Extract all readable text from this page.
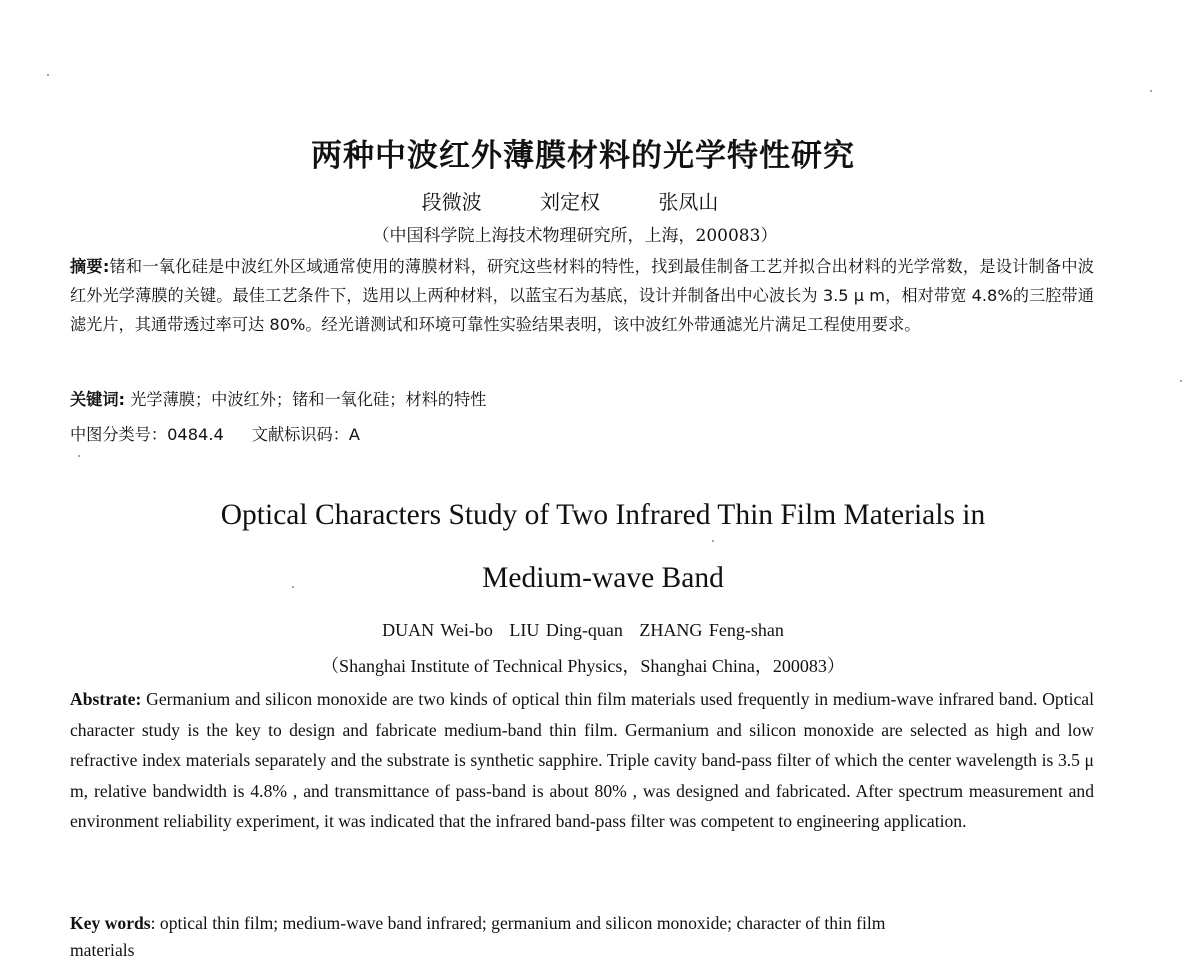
两种中波红外薄膜材料的光学特性研究
段微波	刘定权	张凤山
（中国科学院上海技术物理研究所，上海，200083）
摘要:锗和一氧化硅是中波红外区域通常使用的薄膜材料，研究这些材料的特性，找到最佳制备工艺并拟合出材料的光学常数，是设计制备中波红外光学薄膜的关键。最佳工艺条件下，选用以上两种材料，以蓝宝石为基底，设计并制备出中心波长为 3.5 μ m，相对带宽 4.8%的三腔带通滤光片，其通带透过率可达 80%。经光谱测试和环境可靠性实验结果表明，该中波红外带通滤光片满足工程使用要求。
关键词: 光学薄膜；中波红外；锗和一氧化硅；材料的特性
中图分类号：0484.4 文献标识码：A
Optical Characters Study of Two Infrared Thin Film Materials in
Medium-wave Band
DUAN Wei-bo LIU Ding-quan ZHANG Feng-shan
（Shanghai Institute of Technical Physics，Shanghai China，200083）
Abstrate: Germanium and silicon monoxide are two kinds of optical thin film materials used frequently in medium-wave infrared band. Optical character study is the key to design and fabricate medium-band thin film. Germanium and silicon monoxide are selected as high and low refractive index materials separately and the substrate is synthetic sapphire. Triple cavity band-pass filter of which the center wavelength is 3.5 μ m, relative bandwidth is 4.8% , and transmittance of pass-band is about 80% , was designed and fabricated. After spectrum measurement and environment reliability experiment, it was indicated that the infrared band-pass filter was competent to engineering application.
Key words: optical thin film; medium-wave band infrared; germanium and silicon monoxide; character of thin film
materials
